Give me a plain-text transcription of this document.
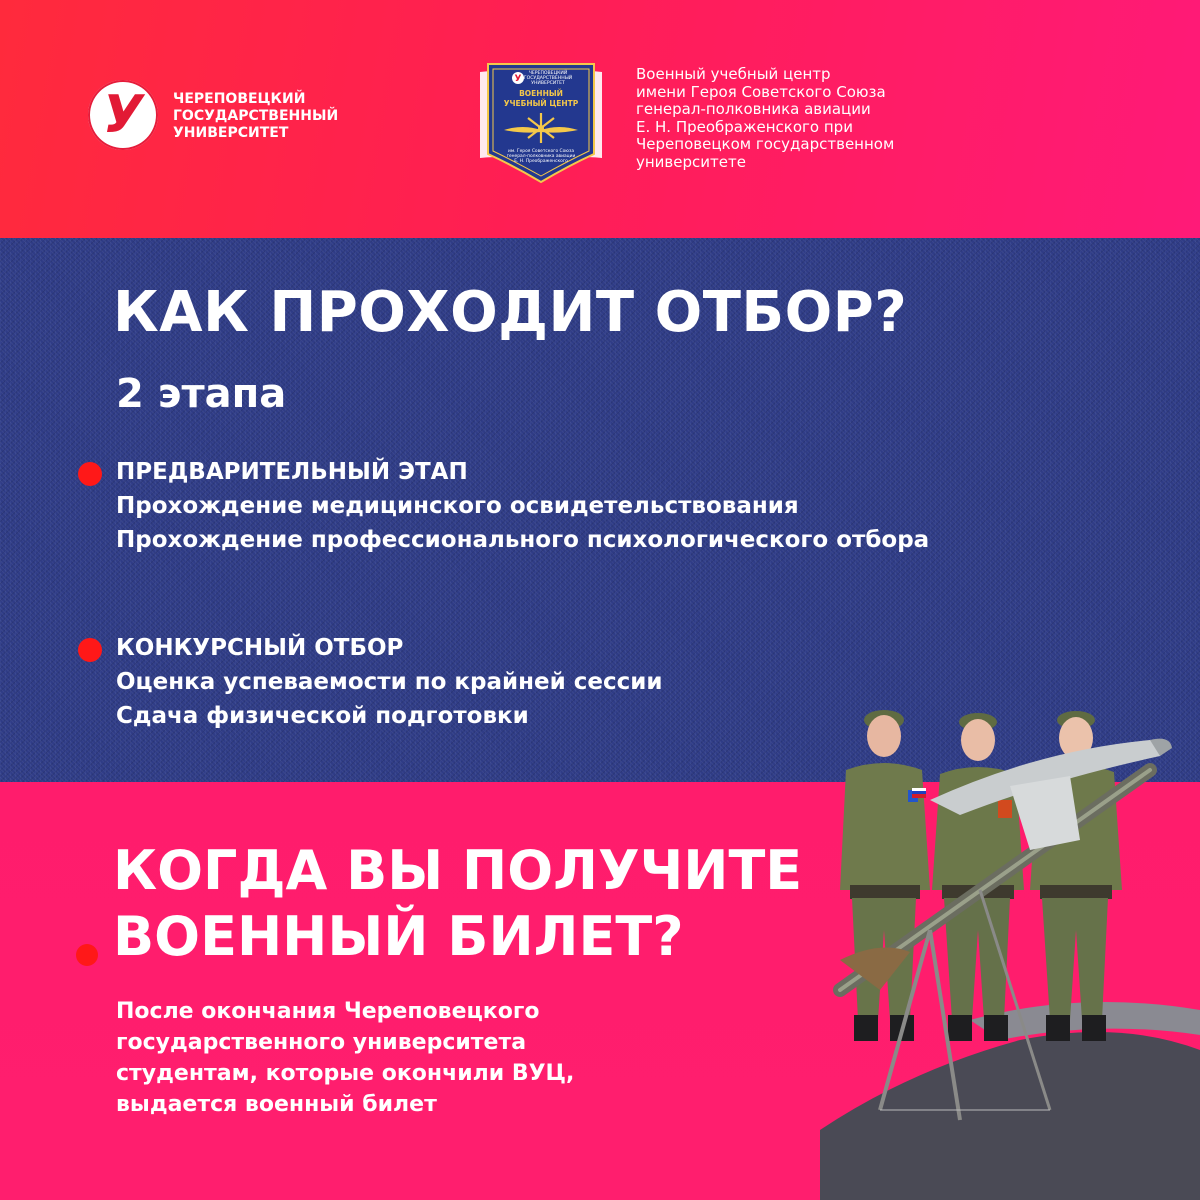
У	ЧЕРЕПОВЕЦКИЙ
ГОСУДАРСТВЕННЫЙ
УНИВЕРСИТЕТ
У
ЧЕРЕПОВЕЦКИЙ
ГОСУДАРСТВЕННЫЙ
УНИВЕРСИТЕТ
ВОЕННЫЙ
УЧЕБНЫЙ ЦЕНТР
им. Героя Советского Союза
генерал-полковника авиации
Е. Н. Преображенского
Военный учебный центр
имени Героя Советского Союза
генерал-полковника авиации
Е. Н. Преображенского при
Череповецком государственном
университете
КАК ПРОХОДИТ ОТБОР?
2 этапа
ПРЕДВАРИТЕЛЬНЫЙ ЭТАП
Прохождение медицинского освидетельствования
Прохождение профессионального психологического отбора
КОНКУРСНЫЙ ОТБОР
Оценка успеваемости по крайней сессии
Сдача физической подготовки
КОГДА ВЫ ПОЛУЧИТЕ
ВОЕННЫЙ БИЛЕТ?
После окончания Череповецкого
государственного университета
студентам, которые окончили ВУЦ,
выдается военный билет
